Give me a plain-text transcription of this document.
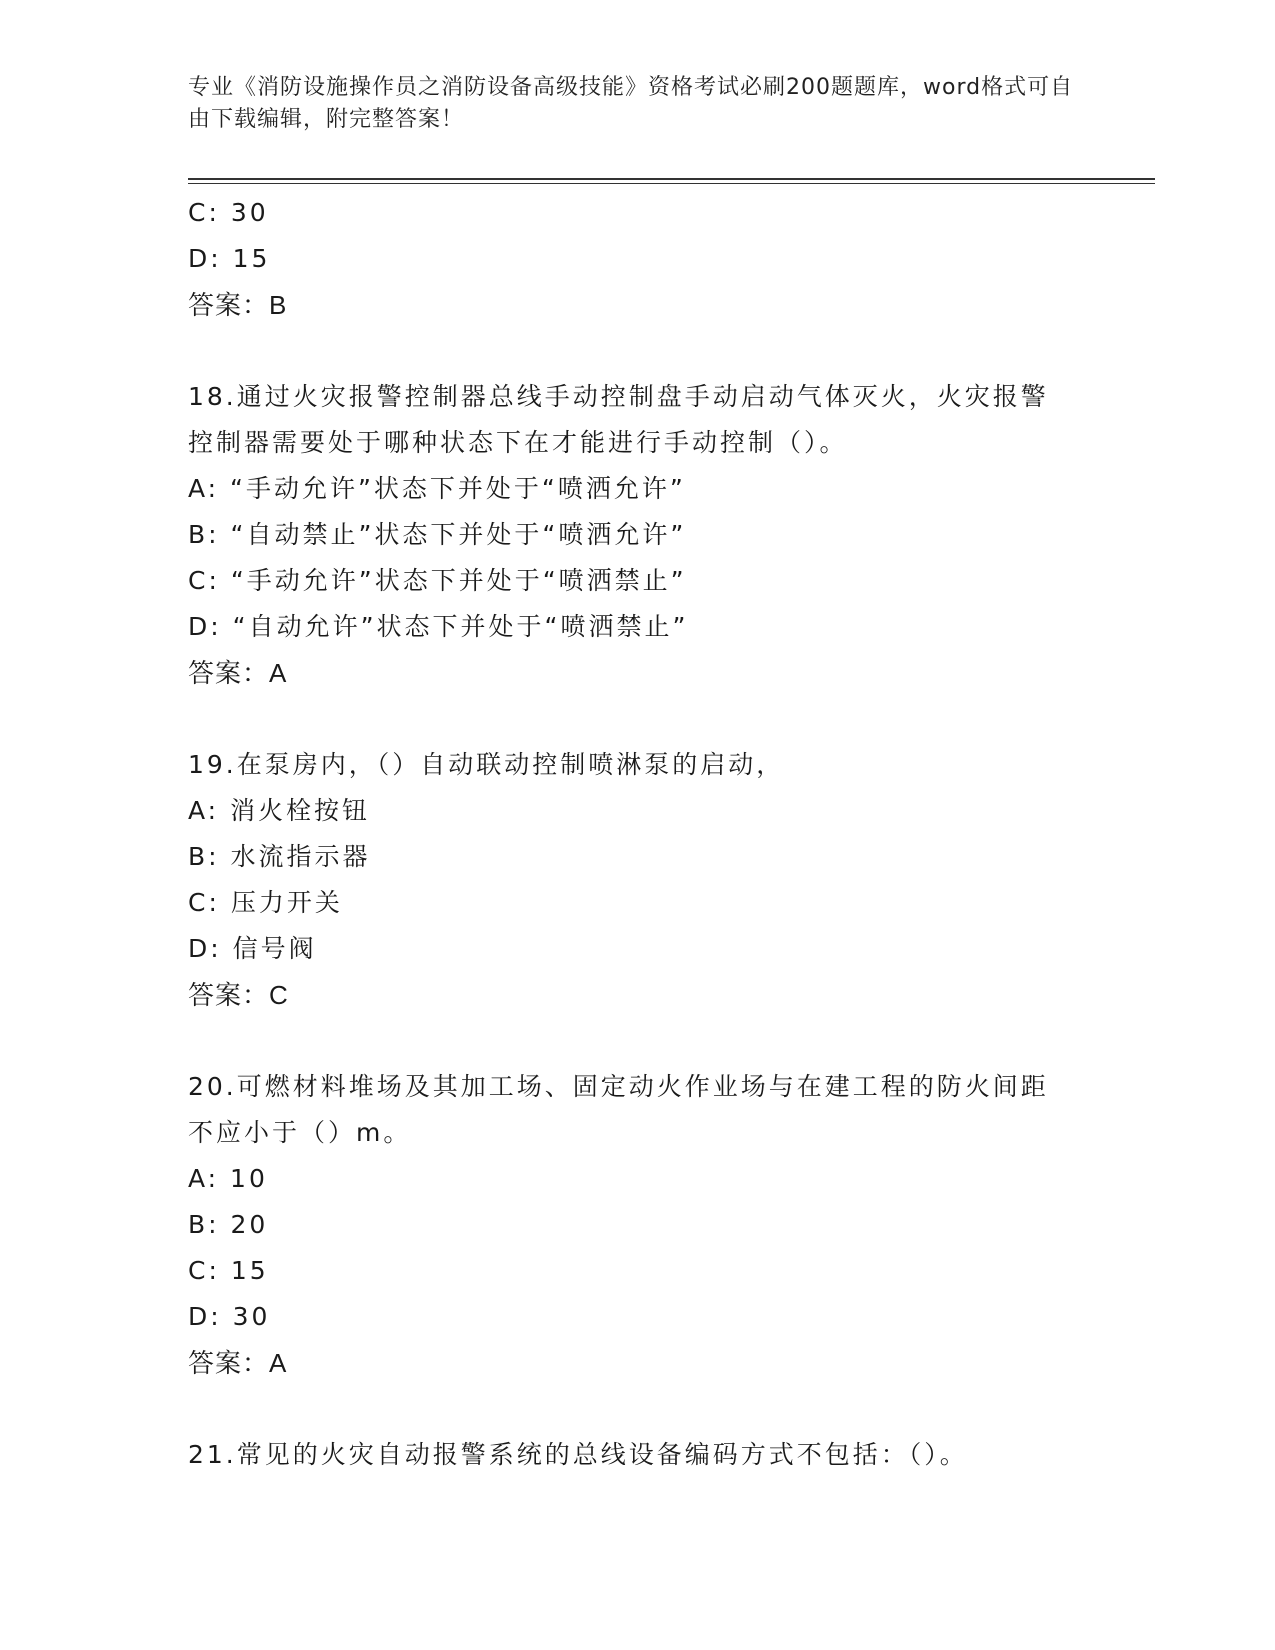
专业《消防设施操作员之消防设备高级技能》资格考试必刷200题题库，word格式可自由下载编辑，附完整答案！
C: 30
D: 15
答案：B
18.通过火灾报警控制器总线手动控制盘手动启动气体灭火，火灾报警
控制器需要处于哪种状态下在才能进行手动控制（）。
A: “手动允许”状态下并处于“喷洒允许”
B: “自动禁止”状态下并处于“喷洒允许”
C: “手动允许”状态下并处于“喷洒禁止”
D: “自动允许”状态下并处于“喷洒禁止”
答案：A
19.在泵房内，（）自动联动控制喷淋泵的启动，
A: 消火栓按钮
B: 水流指示器
C: 压力开关
D: 信号阀
答案：C
20.可燃材料堆场及其加工场、固定动火作业场与在建工程的防火间距
不应小于（）m。
A: 10
B: 20
C: 15
D: 30
答案：A
21.常见的火灾自动报警系统的总线设备编码方式不包括：（）。
